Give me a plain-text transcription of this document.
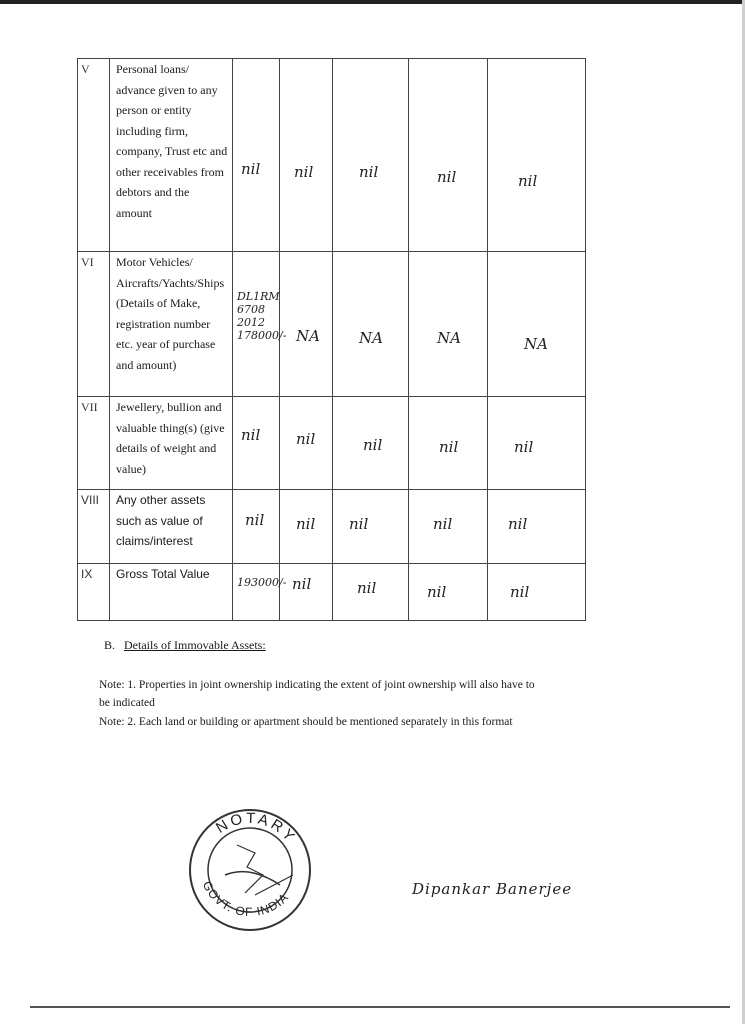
V	Personal loans/ advance given to any person or entity including firm, company, Trust etc and other receivables from debtors and the amount	nil	nil	nil	nil	nil

VI	Motor Vehicles/ Aircrafts/Yachts/Ships (Details of Make, registration number etc. year of purchase and amount)	DL1RM 6708 2012 178000/-	NA	NA	NA	NA

VII	Jewellery, bullion and valuable thing(s) (give details of weight and value)	nil	nil	nil	nil	nil

VIII	Any other assets such as value of claims/interest	nil	nil	nil	nil	nil

IX	Gross Total Value	193000/-	nil	nil	nil	nil
B. Details of Immovable Assets:
Note: 1. Properties in joint ownership indicating the extent of joint ownership will also have to be indicated
Note: 2. Each land or building or apartment should be mentioned separately in this format
NOTARY
GOVT. OF INDIA
Dipankar Banerjee
